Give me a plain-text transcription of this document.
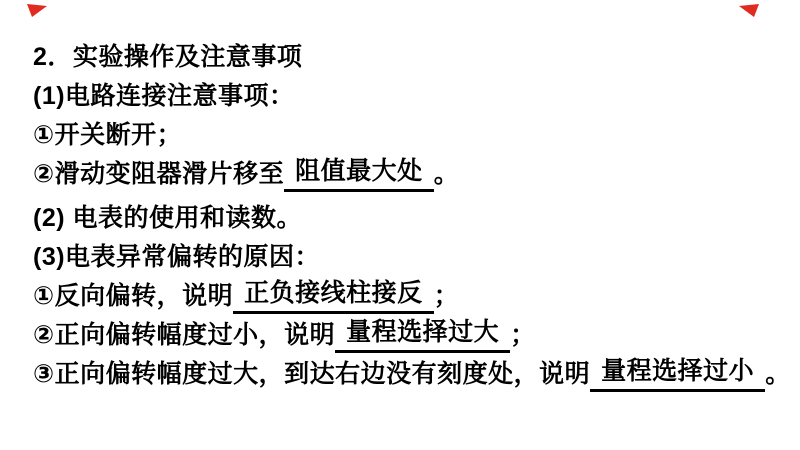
2．实验操作及注意事项
(1)电路连接注意事项：
①开关断开；
②滑动变阻器滑片移至 阻值最大处 。
(2) 电表的使用和读数。
(3)电表异常偏转的原因：
①反向偏转，说明 正负接线柱接反 ；
②正向偏转幅度过小，说明 量程选择过大 ；
③正向偏转幅度过大，到达右边没有刻度处，说明 量程选择过小 。
